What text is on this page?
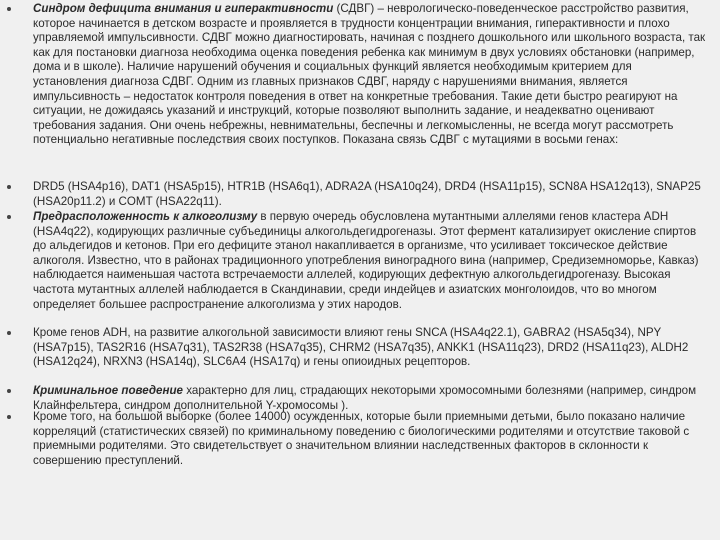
Синдром дефицита внимания и гиперактивности (СДВГ) – неврологическо-поведенческое расстройство развития, которое начинается в детском возрасте и проявляется в трудности концентрации внимания, гиперактивности и плохо управляемой импульсивности. СДВГ можно диагностировать, начиная с позднего дошкольного или школьного возраста, так как для постановки диагноза необходима оценка поведения ребенка как минимум в двух условиях обстановки (например, дома и в школе). Наличие нарушений обучения и социальных функций является необходимым критерием для установления диагноза СДВГ. Одним из главных признаков СДВГ, наряду с нарушениями внимания, является импульсивность – недостаток контроля поведения в ответ на конкретные требования. Такие дети быстро реагируют на ситуации, не дожидаясь указаний и инструкций, которые позволяют выполнить задание, и неадекватно оценивают требования задания. Они очень небрежны, невнимательны, беспечны и легкомысленны, не всегда могут рассмотреть потенциально негативные последствия своих поступков. Показана связь СДВГ с мутациями в восьми генах:
DRD5 (HSA4p16), DAT1 (HSA5p15), HTR1B (HSA6q1), ADRA2A (HSA10q24), DRD4 (HSA11p15), SCN8A HSA12q13), SNAP25 (HSA20p11.2) и COMT (HSA22q11).
Предрасположенность к алкоголизму в первую очередь обусловлена мутантными аллелями генов кластера ADH (HSA4q22), кодирующих различные субъединицы алкогольдегидрогеназы. Этот фермент катализирует окисление спиртов до альдегидов и кетонов. При его дефиците этанол накапливается в организме, что усиливает токсическое действие алкоголя. Известно, что в районах традиционного употребления виноградного вина (например, Средиземноморье, Кавказ) наблюдается наименьшая частота встречаемости аллелей, кодирующих дефектную алкогольдегидрогеназу. Высокая частота мутантных аллелей наблюдается в Скандинавии, среди индейцев и азиатских монголоидов, что во многом определяет большее распространение алкоголизма у этих народов.
Кроме генов ADH, на развитие алкогольной зависимости влияют гены SNCA (HSA4q22.1), GABRA2 (HSA5q34), NPY (HSA7p15), TAS2R16 (HSA7q31), TAS2R38 (HSA7q35), CHRM2 (HSA7q35), ANKK1 (HSA11q23), DRD2 (HSA11q23), ALDH2 (HSA12q24), NRXN3 (HSA14q), SLC6A4 (HSA17q) и гены опиоидных рецепторов.
Криминальное поведение характерно для лиц, страдающих некоторыми хромосомными болезнями (например, синдром Клайнфельтера, синдром дополнительной Y-хромосомы ).
Кроме того, на большой выборке (более 14000) осужденных, которые были приемными детьми, было показано наличие корреляций (статистических связей) по криминальному поведению с биологическими родителями и отсутствие таковой с приемными родителями. Это свидетельствует о значительном влиянии наследственных факторов в склонности к совершению преступлений.
